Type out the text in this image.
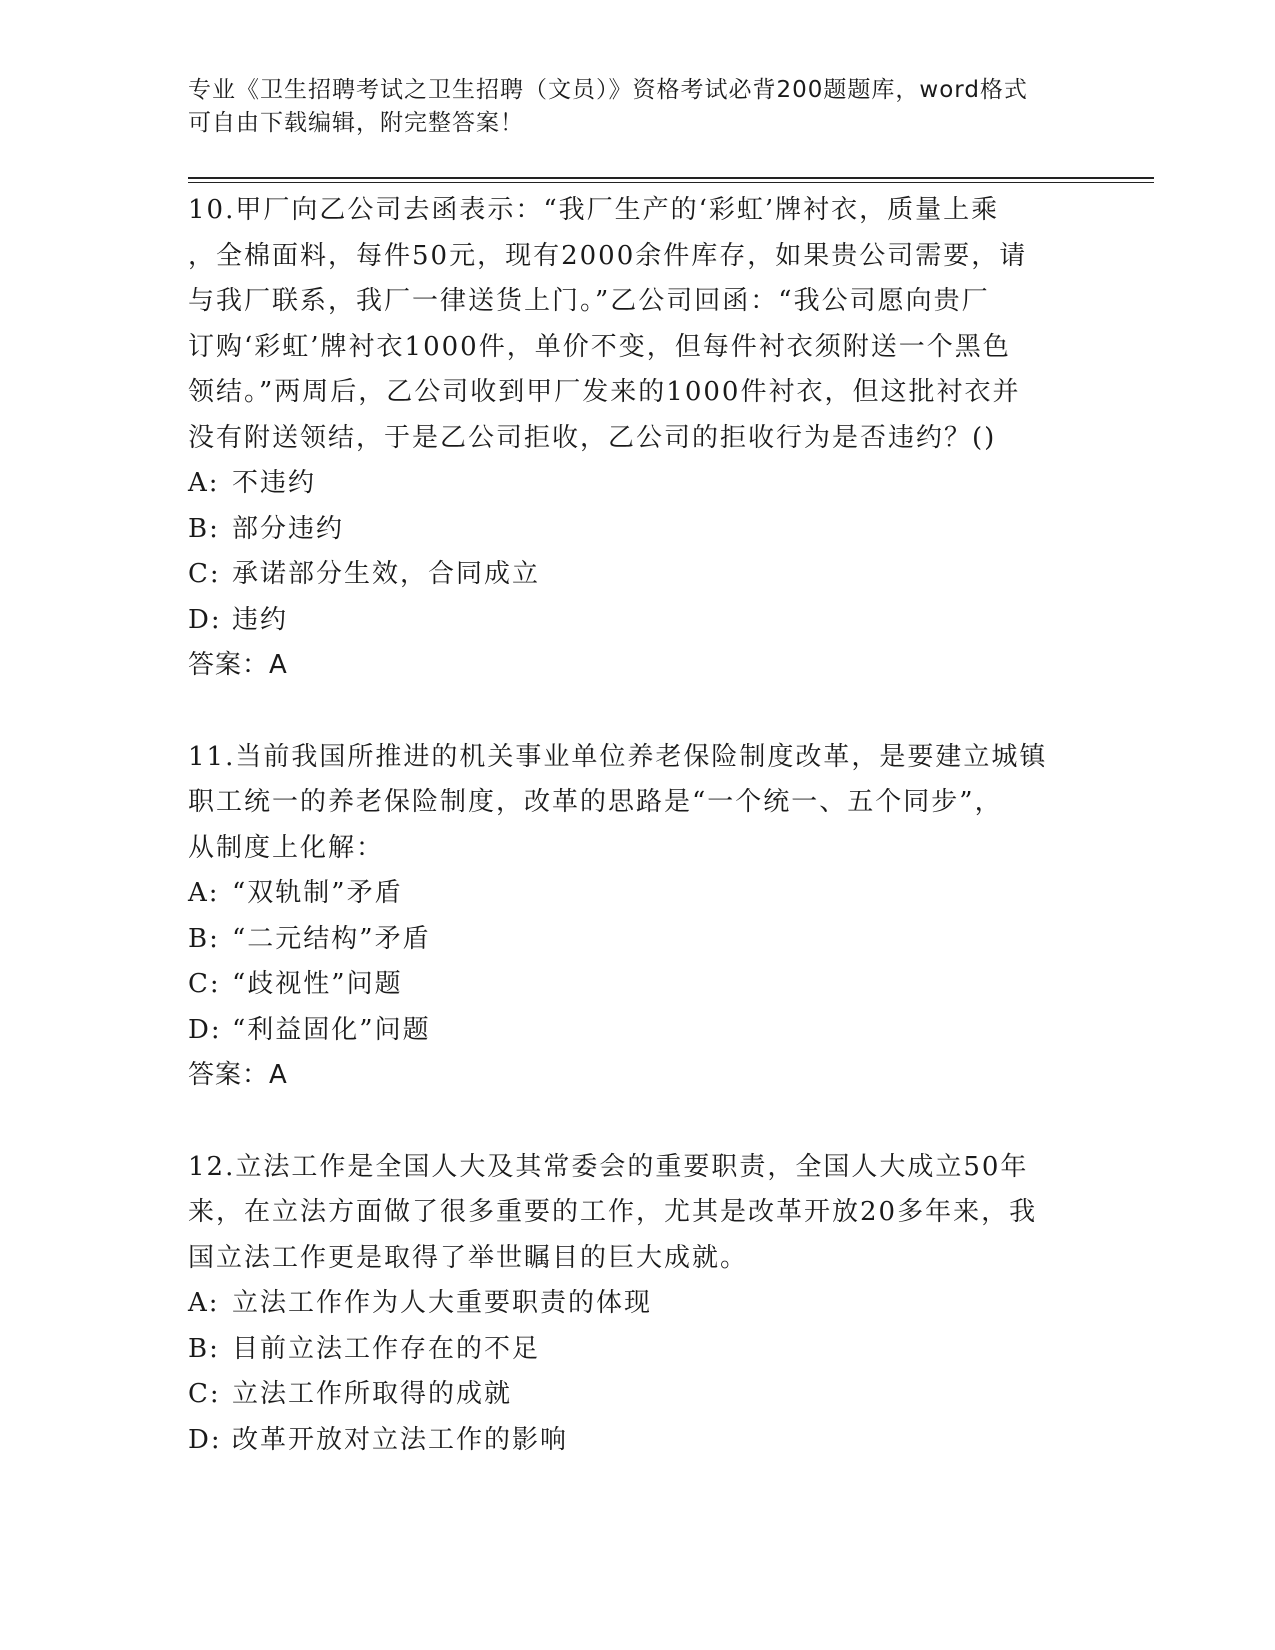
专业《卫生招聘考试之卫生招聘（文员）》资格考试必背200题题库，word格式
可自由下载编辑，附完整答案！
10.甲厂向乙公司去函表示：“我厂生产的‘彩虹’牌衬衣，质量上乘
，全棉面料，每件50元，现有2000余件库存，如果贵公司需要，请
与我厂联系，我厂一律送货上门。”乙公司回函：“我公司愿向贵厂
订购‘彩虹’牌衬衣1000件，单价不变，但每件衬衣须附送一个黑色
领结。”两周后，乙公司收到甲厂发来的1000件衬衣，但这批衬衣并
没有附送领结，于是乙公司拒收，乙公司的拒收行为是否违约？()
A: 不违约
B: 部分违约
C: 承诺部分生效，合同成立
D: 违约
答案：A
11.当前我国所推进的机关事业单位养老保险制度改革，是要建立城镇
职工统一的养老保险制度，改革的思路是“一个统一、五个同步”，
从制度上化解：
A: “双轨制”矛盾
B: “二元结构”矛盾
C: “歧视性”问题
D: “利益固化”问题
答案：A
12.立法工作是全国人大及其常委会的重要职责，全国人大成立50年
来，在立法方面做了很多重要的工作，尤其是改革开放20多年来，我
国立法工作更是取得了举世瞩目的巨大成就。
A: 立法工作作为人大重要职责的体现
B: 目前立法工作存在的不足
C: 立法工作所取得的成就
D: 改革开放对立法工作的影响
